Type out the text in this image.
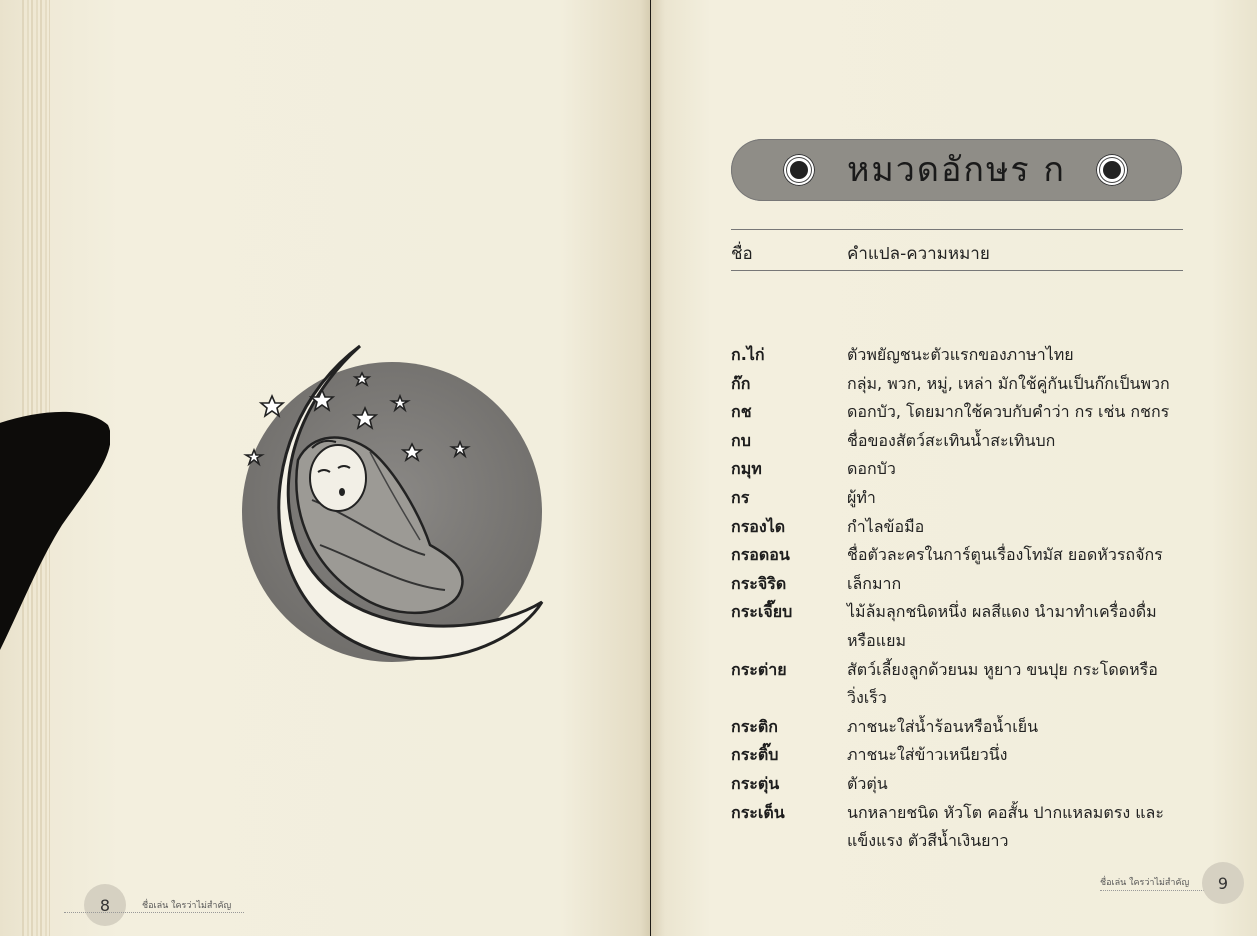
8	ชื่อเล่น ใครว่าไม่สำคัญ
หมวดอักษร ก
ชื่อ	คำแปล-ความหมาย
ก.ไก่	ตัวพยัญชนะตัวแรกของภาษาไทย
ก๊ก	กลุ่ม, พวก, หมู่, เหล่า มักใช้คู่กันเป็นก๊กเป็นพวก
กช	ดอกบัว, โดยมากใช้ควบกับคำว่า กร เช่น กชกร
กบ	ชื่อของสัตว์สะเทินน้ำสะเทินบก
กมุท	ดอกบัว
กร	ผู้ทำ
กรองได	กำไลข้อมือ
กรอดอน	ชื่อตัวละครในการ์ตูนเรื่องโทมัส ยอดหัวรถจักร
กระจิริด	เล็กมาก
กระเจี๊ยบ	ไม้ล้มลุกชนิดหนึ่ง ผลสีแดง นำมาทำเครื่องดื่ม
หรือแยม
กระต่าย	สัตว์เลี้ยงลูกด้วยนม หูยาว ขนปุย กระโดดหรือ
วิ่งเร็ว
กระติก	ภาชนะใส่น้ำร้อนหรือน้ำเย็น
กระติ๊บ	ภาชนะใส่ข้าวเหนียวนึ่ง
กระตุ่น	ตัวตุ่น
กระเต็น	นกหลายชนิด หัวโต คอสั้น ปากแหลมตรง และ
แข็งแรง ตัวสีน้ำเงินยาว
ชื่อเล่น ใครว่าไม่สำคัญ	9
